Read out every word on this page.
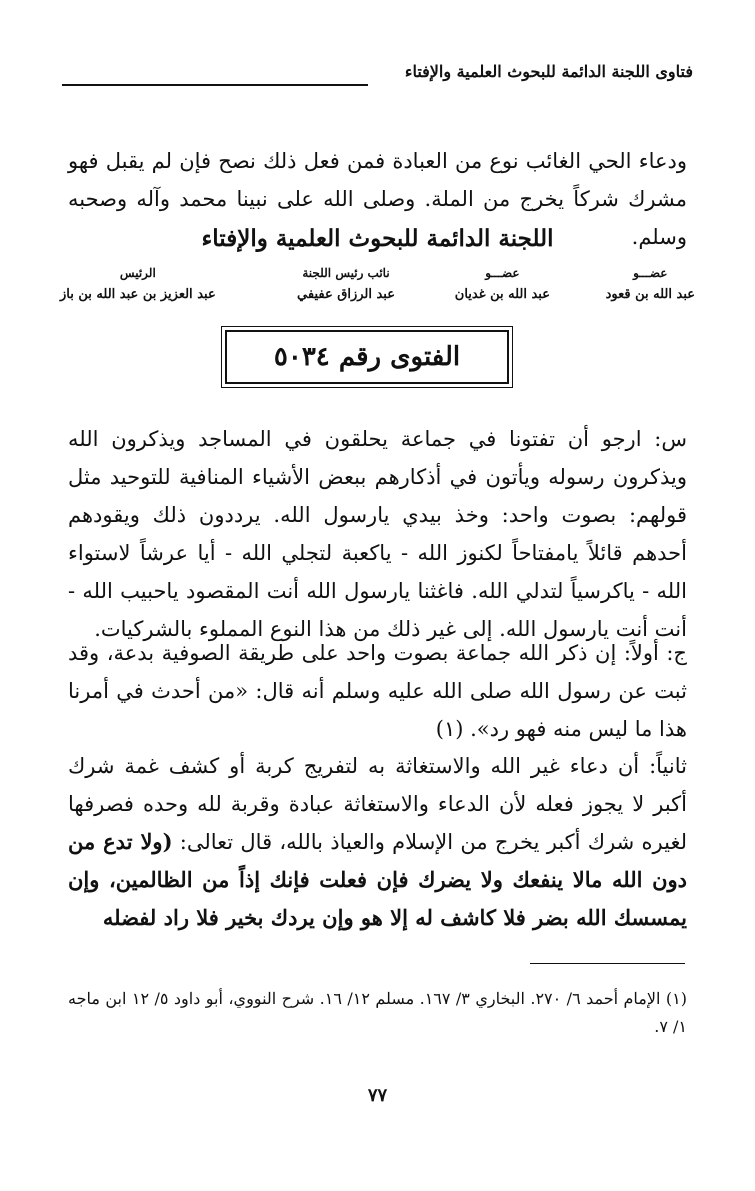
فتاوى اللجنة الدائمة للبحوث العلمية والإفتاء

ودعاء الحي الغائب نوع من العبادة فمن فعل ذلك نصح فإن لم يقبل فهو مشرك شركاً يخرج من الملة. وصلى الله على نبينا محمد وآله وصحبه وسلم.

اللجنة الدائمة للبحوث العلمية والإفتاء
عضـــو
عبد الله بن قعود
عضـــو
عبد الله بن غديان
نائب رئيس اللجنة
عبد الرزاق عفيفي
الرئيس
عبد العزيز بن عبد الله بن باز
الفتوى رقم ٥٠٣٤

س: ارجو أن تفتونا في جماعة يحلقون في المساجد ويذكرون الله ويذكرون رسوله ويأتون في أذكارهم ببعض الأشياء المنافية للتوحيد مثل قولهم: بصوت واحد: وخذ بيدي يارسول الله. يرددون ذلك ويقودهم أحدهم قائلاً يامفتاحاً لكنوز الله - ياكعبة لتجلي الله - أيا عرشاً لاستواء الله - ياكرسياً لتدلي الله. فاغثنا يارسول الله أنت المقصود ياحبيب الله - أنت أنت يارسول الله. إلى غير ذلك من هذا النوع المملوء بالشركيات.

ج: أولاً: إن ذكر الله جماعة بصوت واحد على طريقة الصوفية بدعة، وقد ثبت عن رسول الله صلى الله عليه وسلم أنه قال: «من أحدث في أمرنا هذا ما ليس منه فهو رد». (١)

ثانياً: أن دعاء غير الله والاستغاثة به لتفريج كربة أو كشف غمة شرك أكبر لا يجوز فعله لأن الدعاء والاستغاثة عبادة وقربة لله وحده فصرفها لغيره شرك أكبر يخرج من الإسلام والعياذ بالله، قال تعالى: (ولا تدع من دون الله مالا ينفعك ولا يضرك فإن فعلت فإنك إذاً من الظالمين، وإن يمسسك الله بضر فلا كاشف له إلا هو وإن يردك بخير فلا راد لفضله

(١) الإمام أحمد ٦/ ٢٧٠. البخاري ٣/ ١٦٧. مسلم ١٢/ ١٦. شرح النووي، أبو داود ٥/ ١٢ ابن ماجه ١/ ٧.

٧٧
